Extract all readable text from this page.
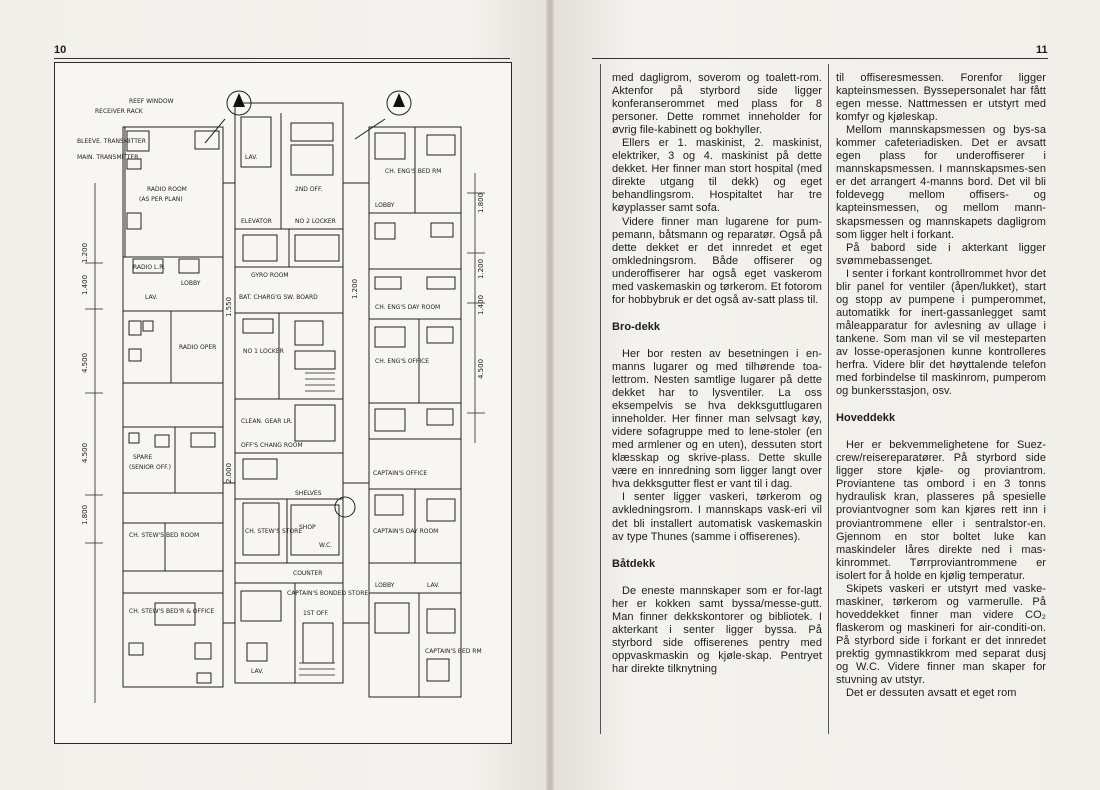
10	11
REEF WINDOW
RECEIVER RACK
BLEEVE. TRANSMITTER
MAIN. TRANSMITTER
RADIO ROOM
(AS PER PLAN)
RADIO L.R.
LOBBY
LAV.
RADIO OPER
SPARE
(SENIOR OFF.)
CH. STEW'S BED ROOM
CH. STEW'S BED'R & OFFICE
LAV.
2ND OFF.
ELEVATOR	NO 2 LOCKER
GYRO ROOM
BAT. CHARG'G SW. BOARD
NO 1 LOCKER
CLEAN. GEAR LR.
OFF'S CHANG ROOM
SHELVES
CH. STEW'S STORE
SHOP
W.C.
COUNTER
CAPTAIN'S BONDED STORE
1ST OFF.
LAV.
CH. ENG'S BED RM
LOBBY
CH. ENG'S DAY ROOM
CH. ENG'S OFFICE
CAPTAIN'S OFFICE
CAPTAIN'S DAY ROOM
CAPTAIN'S BED RM
LOBBY	LAV.
1.400
1.200
4.500
4.500
1.800
1.800
1.200
1.400
4.500
1.550
1.200
2.000

med dagligrom, soverom og toalett-rom. Aktenfor på styrbord side ligger konferanserommet med plass for 8 personer. Dette rommet inneholder for øvrig file-kabinett og bokhyller.

Ellers er 1. maskinist, 2. maskinist, elektriker, 3 og 4. maskinist på dette dekket. Her finner man stort hospital (med direkte utgang til dekk) og eget behandlingsrom. Hospitaltet har tre køyplasser samt sofa.

Videre finner man lugarene for pum-pemann, båtsmann og reparatør. Også på dette dekket er det innredet et eget omkledningsrom. Både offiserer og underoffiserer har også eget vaskerom med vaskemaskin og tørkerom. Et fotorom for hobbybruk er det også av-satt plass til.

Bro-dekk

Her bor resten av besetningen i en-manns lugarer og med tilhørende toa-lettrom. Nesten samtlige lugarer på dette dekket har to lysventiler. La oss eksempelvis se hva dekksguttlugaren inneholder. Her finner man selvsagt køy, videre sofagruppe med to lene-stoler (en med armlener og en uten), dessuten stort klæsskap og skrive-plass. Dette skulle være en innredning som ligger langt over hva dekksgutter flest er vant til i dag.

I senter ligger vaskeri, tørkerom og avkledningsrom. I mannskaps vask-eri vil det bli installert automatisk vaskemaskin av type Thunes (samme i offiserenes).

Båtdekk

De eneste mannskaper som er for-lagt her er kokken samt byssa/messe-gutt. Man finner dekkskontorer og bibliotek. I akterkant i senter ligger byssa. På styrbord side offiserenes pentry med oppvaskmaskin og kjøle-skap. Pentryet har direkte tilknytning

til offiseresmessen. Forenfor ligger kapteinsmessen. Byssepersonalet har fått egen messe. Nattmessen er utstyrt med komfyr og kjøleskap.

Mellom mannskapsmessen og bys-sa kommer cafeteriadisken. Det er avsatt egen plass for underoffiserer i mannskapsmessen. I mannskapsmes-sen er det arrangert 4-manns bord. Det vil bli foldevegg mellom offisers- og kapteinsmessen, og mellom mann-skapsmessen og mannskapets dagligrom som ligger helt i forkant.

På babord side i akterkant ligger svømmebassenget.

I senter i forkant kontrollrommet hvor det blir panel for ventiler (åpen/lukket), start og stopp av pumpene i pumperommet, automatikk for inert-gassanlegget samt måleapparatur for avlesning av ullage i tankene. Som man vil se vil mesteparten av losse-operasjonen kunne kontrolleres herfra. Videre blir det høyttalende telefon med forbindelse til maskinrom, pumperom og bunkersstasjon, osv.

Hoveddekk

Her er bekvemmelighetene for Suez-crew/reisereparatører. På styrbord side ligger store kjøle- og proviantrom. Proviantene tas ombord i en 3 tonns hydraulisk kran, plasseres på spesielle proviantvogner som kan kjøres rett inn i proviantrommene eller i sentralstor-en. Gjennom en stor boltet luke kan maskindeler låres direkte ned i mas-kinrommet. Tørrproviantrommene er isolert for å holde en kjølig temperatur.

Skipets vaskeri er utstyrt med vaske-maskiner, tørkerom og varmerulle. På hoveddekket finner man videre CO₂ flaskerom og maskineri for air-conditi-on. På styrbord side i forkant er det innredet prektig gymnastikkrom med separat dusj og W.C. Videre finner man skaper for stuvning av utstyr.

Det er dessuten avsatt et eget rom
